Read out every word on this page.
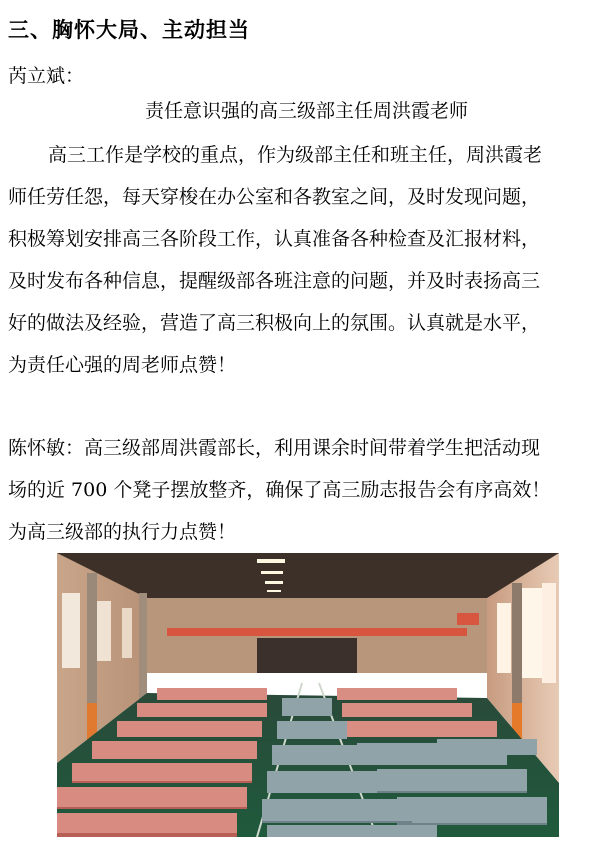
三、胸怀大局、主动担当
芮立斌：
责任意识强的高三级部主任周洪霞老师
高三工作是学校的重点，作为级部主任和班主任，周洪霞老
师任劳任怨，每天穿梭在办公室和各教室之间，及时发现问题，
积极筹划安排高三各阶段工作，认真准备各种检查及汇报材料，
及时发布各种信息，提醒级部各班注意的问题，并及时表扬高三
好的做法及经验，营造了高三积极向上的氛围。认真就是水平，
为责任心强的周老师点赞！
陈怀敏：高三级部周洪霞部长，利用课余时间带着学生把活动现
场的近 700 个凳子摆放整齐，确保了高三励志报告会有序高效！
为高三级部的执行力点赞！
